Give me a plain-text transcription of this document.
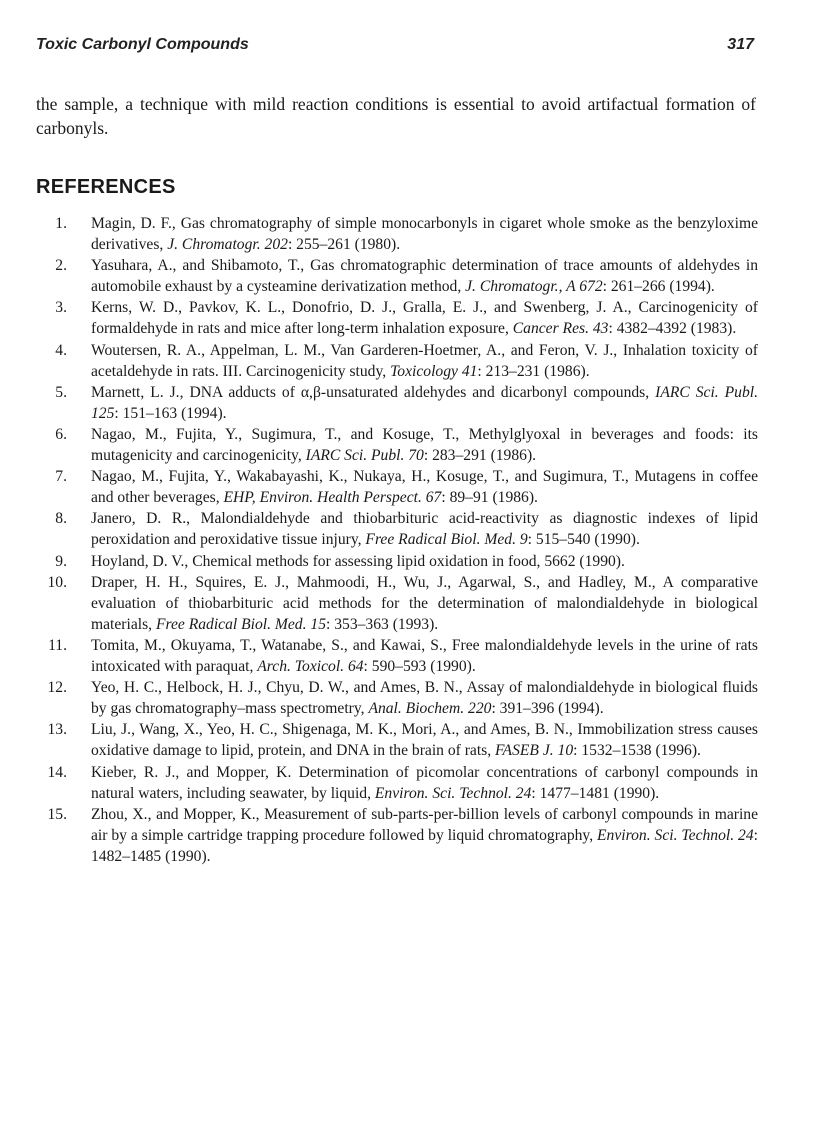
Toxic Carbonyl Compounds	317

the sample, a technique with mild reaction conditions is essential to avoid artifactual formation of carbonyls.

REFERENCES
1. Magin, D. F., Gas chromatography of simple monocarbonyls in cigaret whole smoke as the benzyloxime derivatives, J. Chromatogr. 202: 255–261 (1980).
2. Yasuhara, A., and Shibamoto, T., Gas chromatographic determination of trace amounts of aldehydes in automobile exhaust by a cysteamine derivatization method, J. Chromatogr., A 672: 261–266 (1994).
3. Kerns, W. D., Pavkov, K. L., Donofrio, D. J., Gralla, E. J., and Swenberg, J. A., Carcinogenicity of formaldehyde in rats and mice after long-term inhalation exposure, Cancer Res. 43: 4382–4392 (1983).
4. Woutersen, R. A., Appelman, L. M., Van Garderen-Hoetmer, A., and Feron, V. J., Inhalation toxicity of acetaldehyde in rats. III. Carcinogenicity study, Toxicology 41: 213–231 (1986).
5. Marnett, L. J., DNA adducts of α,β-unsaturated aldehydes and dicarbonyl compounds, IARC Sci. Publ. 125: 151–163 (1994).
6. Nagao, M., Fujita, Y., Sugimura, T., and Kosuge, T., Methylglyoxal in beverages and foods: its mutagenicity and carcinogenicity, IARC Sci. Publ. 70: 283–291 (1986).
7. Nagao, M., Fujita, Y., Wakabayashi, K., Nukaya, H., Kosuge, T., and Sugimura, T., Mutagens in coffee and other beverages, EHP, Environ. Health Perspect. 67: 89–91 (1986).
8. Janero, D. R., Malondialdehyde and thiobarbituric acid-reactivity as diagnostic indexes of lipid peroxidation and peroxidative tissue injury, Free Radical Biol. Med. 9: 515–540 (1990).
9. Hoyland, D. V., Chemical methods for assessing lipid oxidation in food, 5662 (1990).
10. Draper, H. H., Squires, E. J., Mahmoodi, H., Wu, J., Agarwal, S., and Hadley, M., A comparative evaluation of thiobarbituric acid methods for the determination of malondialdehyde in biological materials, Free Radical Biol. Med. 15: 353–363 (1993).
11. Tomita, M., Okuyama, T., Watanabe, S., and Kawai, S., Free malondialdehyde levels in the urine of rats intoxicated with paraquat, Arch. Toxicol. 64: 590–593 (1990).
12. Yeo, H. C., Helbock, H. J., Chyu, D. W., and Ames, B. N., Assay of malondialdehyde in biological fluids by gas chromatography–mass spectrometry, Anal. Biochem. 220: 391–396 (1994).
13. Liu, J., Wang, X., Yeo, H. C., Shigenaga, M. K., Mori, A., and Ames, B. N., Immobilization stress causes oxidative damage to lipid, protein, and DNA in the brain of rats, FASEB J. 10: 1532–1538 (1996).
14. Kieber, R. J., and Mopper, K. Determination of picomolar concentrations of carbonyl compounds in natural waters, including seawater, by liquid, Environ. Sci. Technol. 24: 1477–1481 (1990).
15. Zhou, X., and Mopper, K., Measurement of sub-parts-per-billion levels of carbonyl compounds in marine air by a simple cartridge trapping procedure followed by liquid chromatography, Environ. Sci. Technol. 24: 1482–1485 (1990).
